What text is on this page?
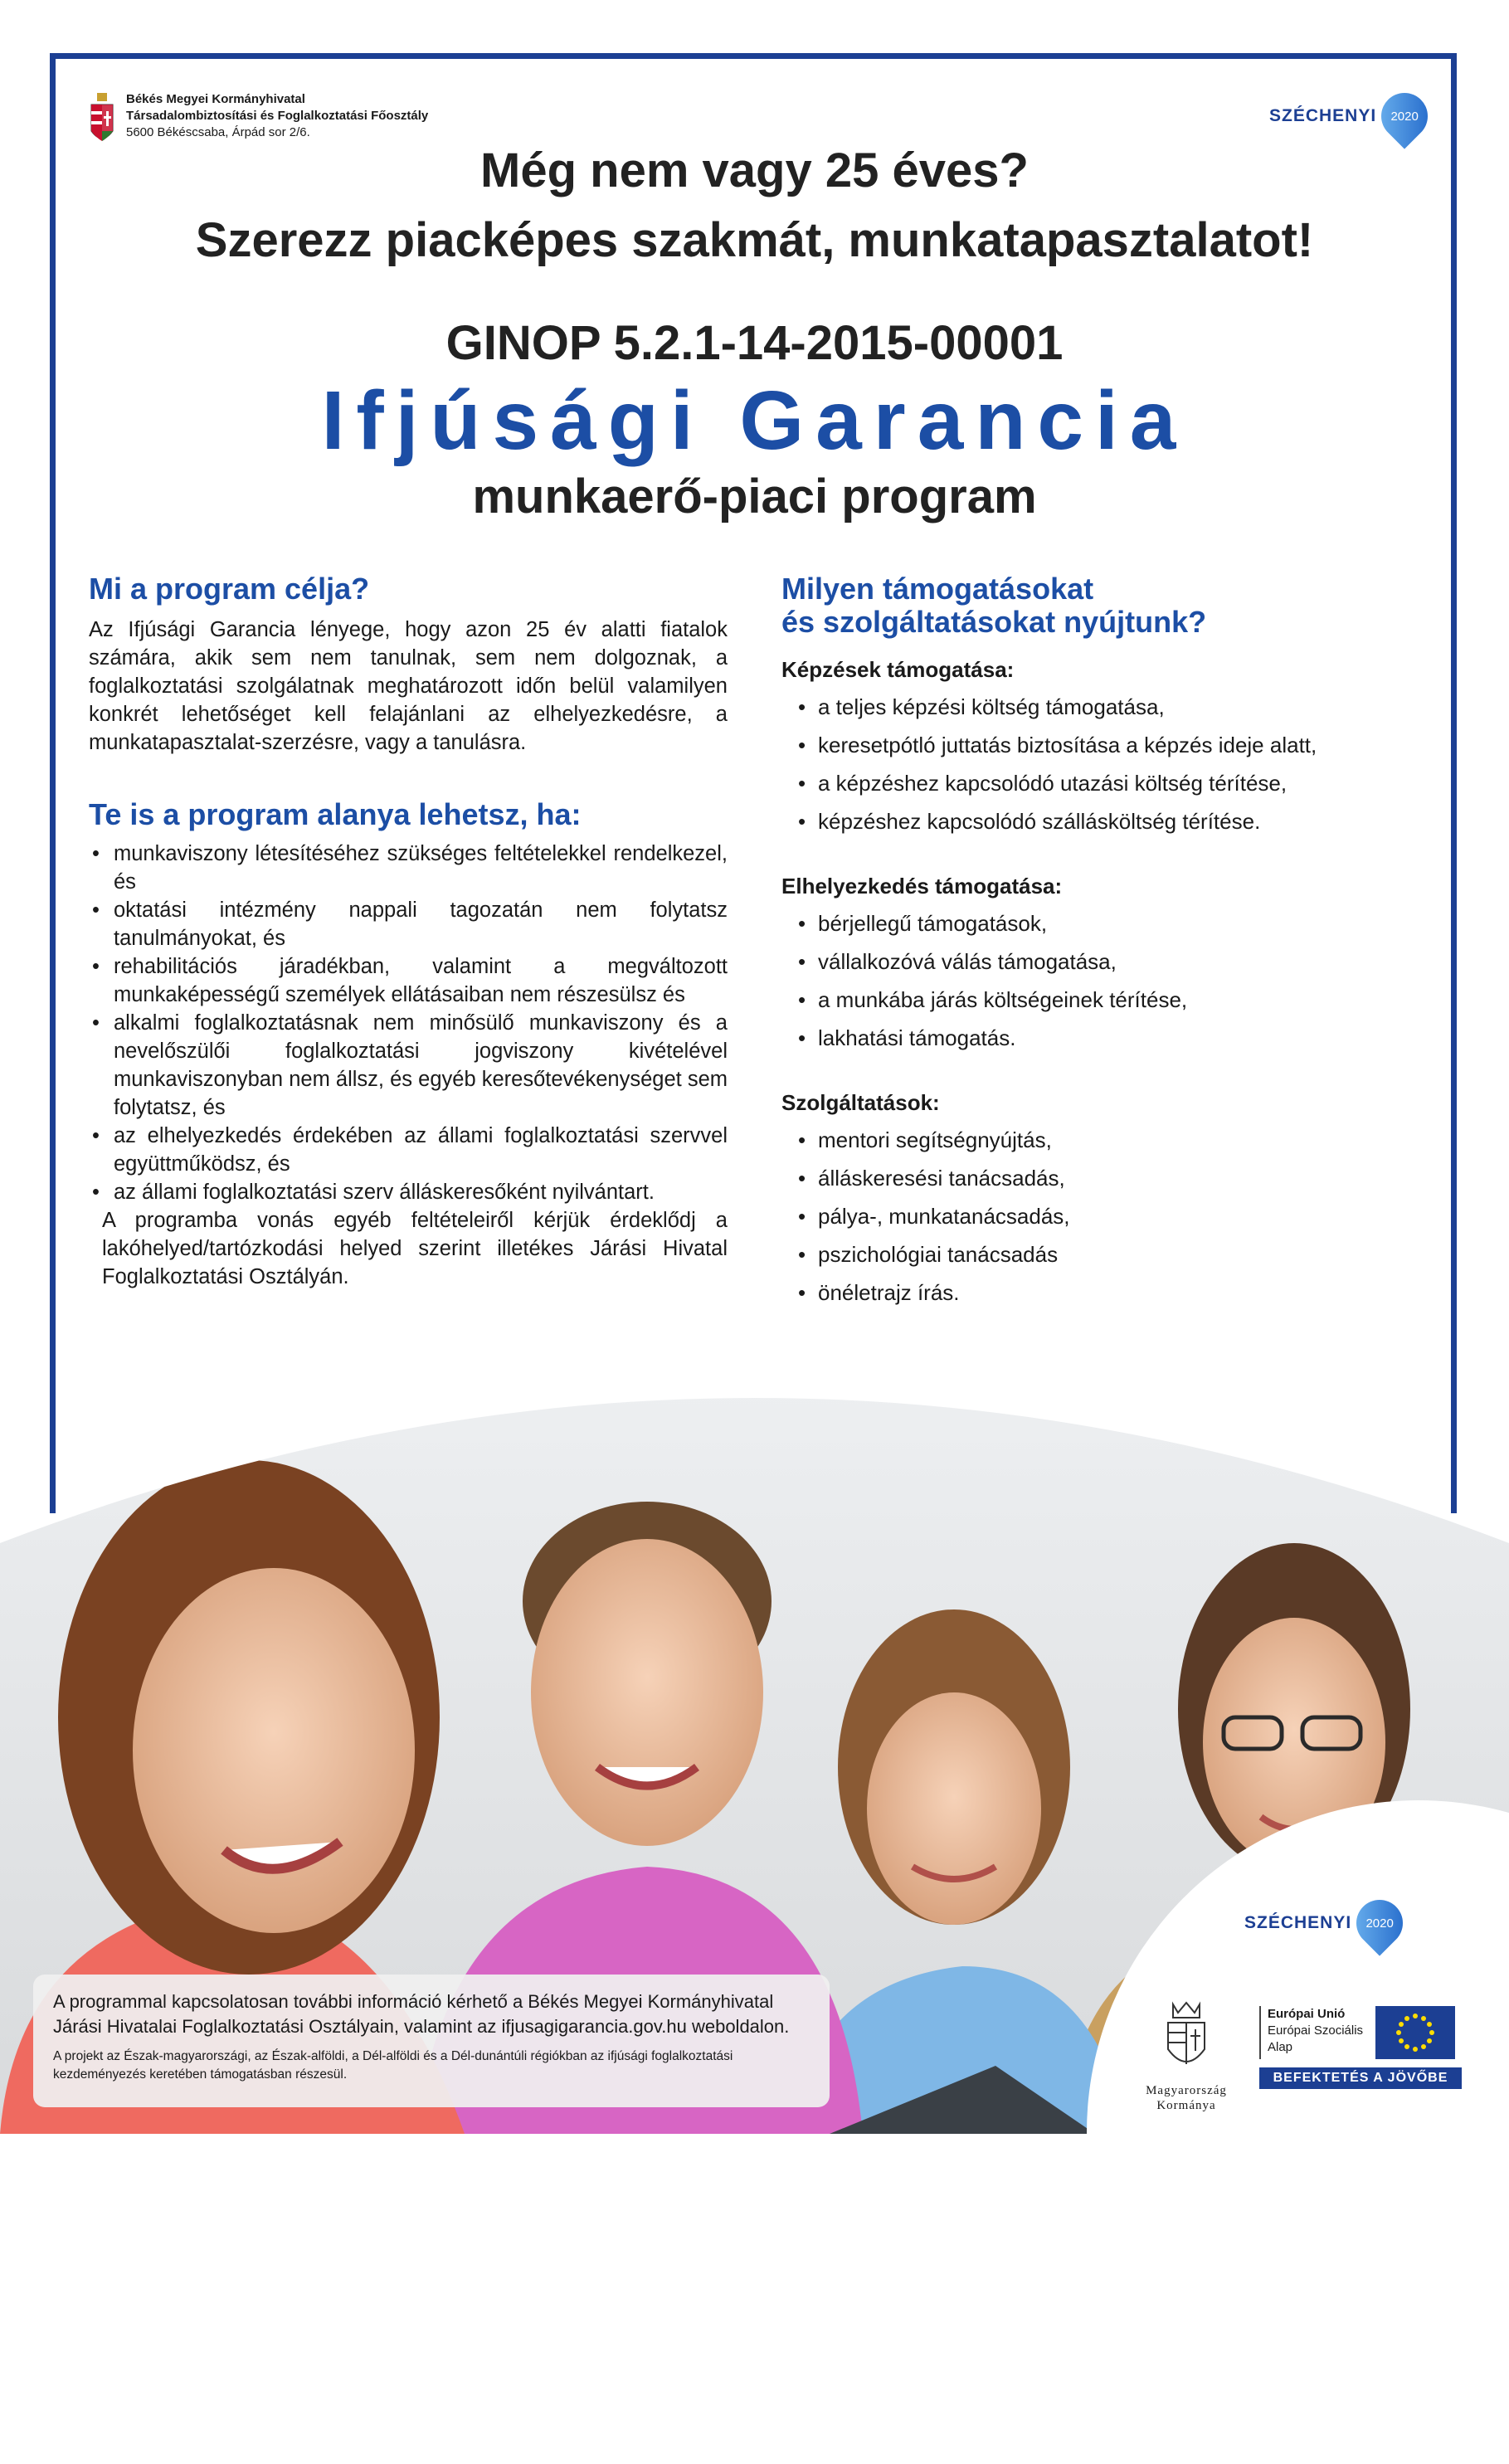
Békés Megyei Kormányhivatal
Társadalombiztosítási és Foglalkoztatási Főosztály
5600 Békéscsaba, Árpád sor 2/6.
SZÉCHENYI 2020
Még nem vagy 25 éves?
Szerezz piacképes szakmát, munkatapasztalatot!
GINOP 5.2.1-14-2015-00001
Ifjúsági Garancia
munkaerő-piaci program
Mi a program célja?

Az Ifjúsági Garancia lényege, hogy azon 25 év alatti fiatalok számára, akik sem nem tanulnak, sem nem dolgoznak, a foglalkoztatási szolgálatnak meghatározott időn belül valamilyen konkrét lehetőséget kell felajánlani az elhelyezkedésre, a munkatapasztalat-szerzésre, vagy a tanulásra.

Te is a program alanya lehetsz, ha:
• munkaviszony létesítéséhez szükséges feltételekkel rendelkezel, és
• oktatási intézmény nappali tagozatán nem folytatsz tanulmányokat, és
• rehabilitációs járadékban, valamint a megváltozott munkaképességű személyek ellátásaiban nem részesülsz és
• alkalmi foglalkoztatásnak nem minősülő munkaviszony és a nevelőszülői foglalkoztatási jogviszony kivételével munkaviszonyban nem állsz, és egyéb keresőtevékenységet sem folytatsz, és
• az elhelyezkedés érdekében az állami foglalkoztatási szervvel együttműködsz, és
• az állami foglalkoztatási szerv álláskeresőként nyilvántart.

A programba vonás egyéb feltételeiről kérjük érdeklődj a lakóhelyed/tartózkodási helyed szerint illetékes Járási Hivatal Foglalkoztatási Osztályán.

Milyen támogatásokat
és szolgáltatásokat nyújtunk?
Képzések támogatása:
• a teljes képzési költség támogatása,
• keresetpótló juttatás biztosítása a képzés ideje alatt,
• a képzéshez kapcsolódó utazási költség térítése,
• képzéshez kapcsolódó szállásköltség térítése.
Elhelyezkedés támogatása:
• bérjellegű támogatások,
• vállalkozóvá válás támogatása,
• a munkába járás költségeinek térítése,
• lakhatási támogatás.
Szolgáltatások:
• mentori segítségnyújtás,
• álláskeresési tanácsadás,
• pálya-, munkatanácsadás,
• pszichológiai tanácsadás
• önéletrajz írás.
A programmal kapcsolatosan további információ kérhető a Békés Megyei Kormányhivatal
Járási Hivatalai Foglalkoztatási Osztályain, valamint az ifjusagigarancia.gov.hu weboldalon.
A projekt az Észak-magyarországi, az Észak-alföldi, a Dél-alföldi és a Dél-dunántúli régiókban az ifjúsági foglalkoztatási
kezdeményezés keretében támogatásban részesül.
SZÉCHENYI 2020
Magyarország
Kormánya
Európai Unió
Európai Szociális
Alap
BEFEKTETÉS A JÖVŐBE
